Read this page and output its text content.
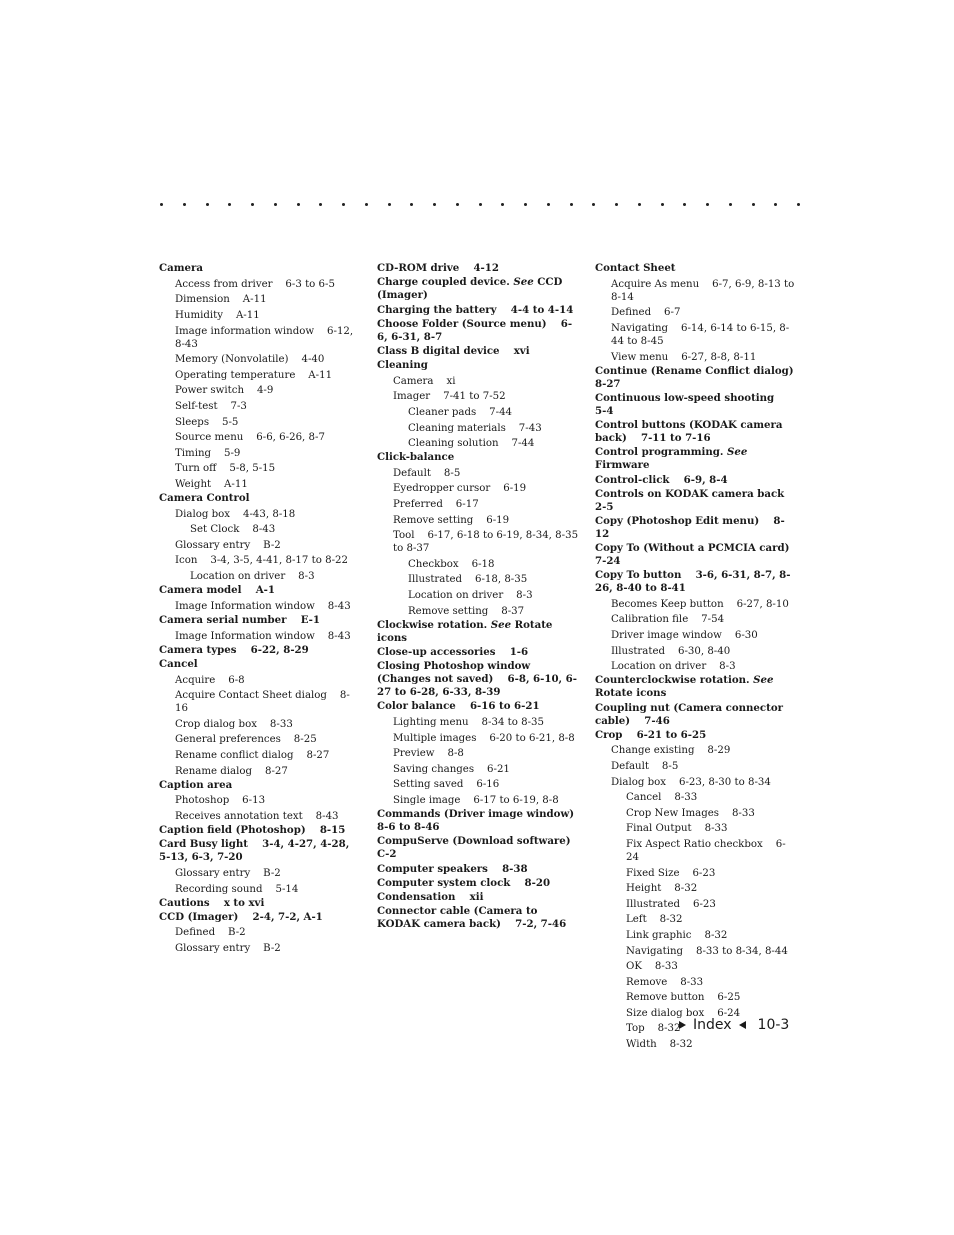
Camera
Access from driver    6-3 to 6-5
Dimension    A-11
Humidity    A-11
Image information window    6-12, 8-43
Memory (Nonvolatile)    4-40
Operating temperature    A-11
Power switch    4-9
Self-test    7-3
Sleeps    5-5
Source menu    6-6, 6-26, 8-7
Timing    5-9
Turn off    5-8, 5-15
Weight    A-11
Camera Control
Dialog box    4-43, 8-18
Set Clock    8-43
Glossary entry    B-2
Icon    3-4, 3-5, 4-41, 8-17 to 8-22
Location on driver    8-3
Camera model    A-1
Image Information window    8-43
Camera serial number    E-1
Image Information window    8-43
Camera types    6-22, 8-29
Cancel
Acquire    6-8
Acquire Contact Sheet dialog    8-16
Crop dialog box    8-33
General preferences    8-25
Rename conflict dialog    8-27
Rename dialog    8-27
Caption area
Photoshop    6-13
Receives annotation text    8-43
Caption field (Photoshop)    8-15
Card Busy light    3-4, 4-27, 4-28, 5-13, 6-3, 7-20
Glossary entry    B-2
Recording sound    5-14
Cautions    x to xvi
CCD (Imager)    2-4, 7-2, A-1
Defined    B-2
Glossary entry    B-2
CD-ROM drive    4-12
Charge coupled device. See CCD (Imager)
Charging the battery    4-4 to 4-14
Choose Folder (Source menu)    6-6, 6-31, 8-7
Class B digital device    xvi
Cleaning
Camera    xi
Imager    7-41 to 7-52
Cleaner pads    7-44
Cleaning materials    7-43
Cleaning solution    7-44
Click-balance
Default    8-5
Eyedropper cursor    6-19
Preferred    6-17
Remove setting    6-19
Tool    6-17, 6-18 to 6-19, 8-34, 8-35 to 8-37
Checkbox    6-18
Illustrated    6-18, 8-35
Location on driver    8-3
Remove setting    8-37
Clockwise rotation. See Rotate icons
Close-up accessories    1-6
Closing Photoshop window (Changes not saved)    6-8, 6-10, 6-27 to 6-28, 6-33, 8-39
Color balance    6-16 to 6-21
Lighting menu    8-34 to 8-35
Multiple images    6-20 to 6-21, 8-8
Preview    8-8
Saving changes    6-21
Setting saved    6-16
Single image    6-17 to 6-19, 8-8
Commands (Driver image window)    8-6 to 8-46
CompuServe (Download software)    C-2
Computer speakers    8-38
Computer system clock    8-20
Condensation    xii
Connector cable (Camera to KODAK camera back)    7-2, 7-46
Contact Sheet
Acquire As menu    6-7, 6-9, 8-13 to 8-14
Defined    6-7
Navigating    6-14, 6-14 to 6-15, 8-44 to 8-45
View menu    6-27, 8-8, 8-11
Continue (Rename Conflict dialog)    8-27
Continuous low-speed shooting    5-4
Control buttons (KODAK camera back)    7-11 to 7-16
Control programming. See Firmware
Control-click    6-9, 8-4
Controls on KODAK camera back    2-5
Copy (Photoshop Edit menu)    8-12
Copy To (Without a PCMCIA card)    7-24
Copy To button    3-6, 6-31, 8-7, 8-26, 8-40 to 8-41
Becomes Keep button    6-27, 8-10
Calibration file    7-54
Driver image window    6-30
Illustrated    6-30, 8-40
Location on driver    8-3
Counterclockwise rotation. See Rotate icons
Coupling nut (Camera connector cable)    7-46
Crop    6-21 to 6-25
Change existing    8-29
Default    8-5
Dialog box    6-23, 8-30 to 8-34
Cancel    8-33
Crop New Images    8-33
Final Output    8-33
Fix Aspect Ratio checkbox    6-24
Fixed Size    6-23
Height    8-32
Illustrated    6-23
Left    8-32
Link graphic    8-32
Navigating    8-33 to 8-34, 8-44
OK    8-33
Remove    8-33
Remove button    6-25
Size dialog box    6-24
Top    8-32
Width    8-32
Index 10-3
